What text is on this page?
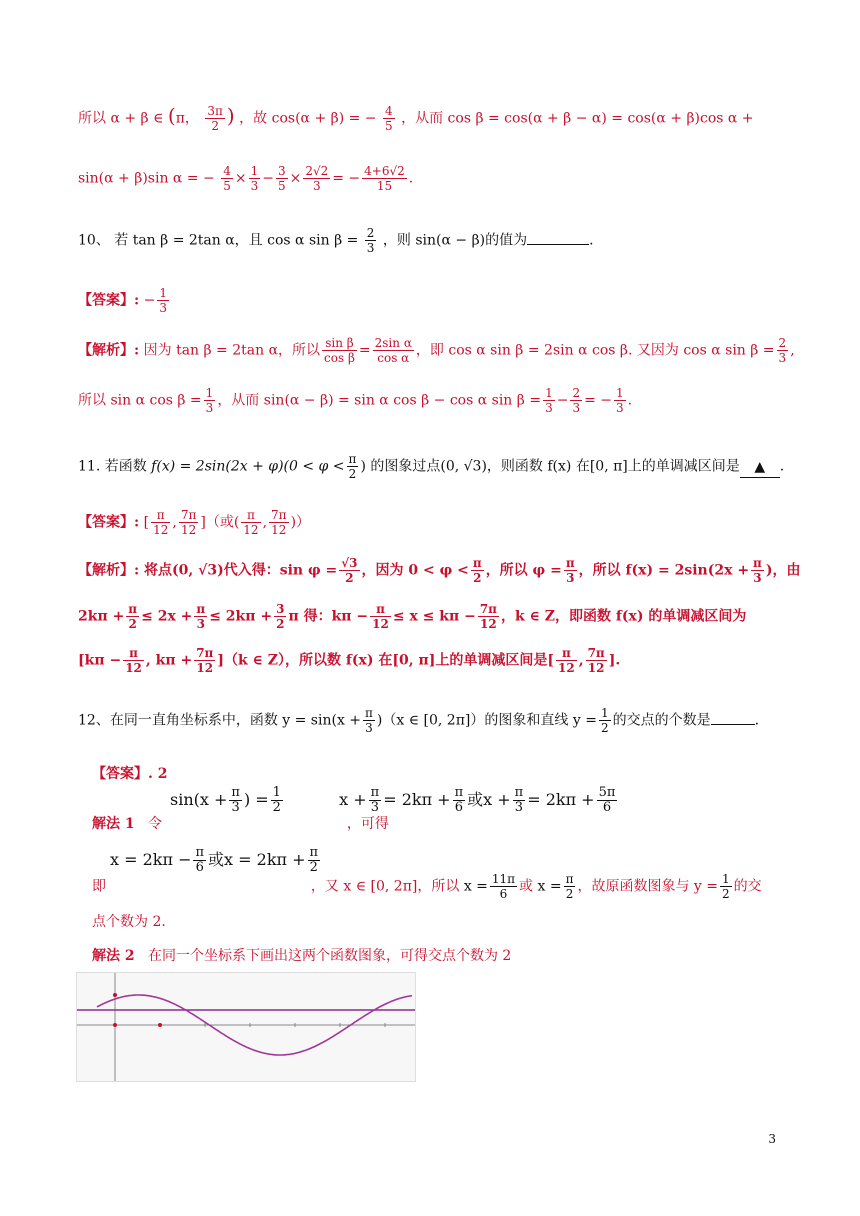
所以 α + β ∈ (π， $\frac{3\pi}{2}$ ) ，故 cos(α + β) = − $\frac{4}{5}$ ，从而 cos β = cos(α + β − α) = cos(α + β)cos α +
sin(α + β)sin α = − $\frac{4}{5} \times \frac{1}{3} - \frac{3}{5} \times \frac{2√2}{3}$ = − $\frac{4+6√2}{15}$ .
10、 若 tan β = 2tan α，且 cos α $\sin \beta = \frac{2}{3}$ ，则 sin(α − β)的值为	.
【答案】: − $\frac{1}{3}$
【解析】: 因为 tan β = 2tan α，所以 $\frac{\text{sin β}}{\text{cos β}} = \frac{\text{2sin α}}{\text{cos α}}$ ，即 cos α sin β = 2sin α cos β. 又因为 cos α $\sin \beta = \frac{2}{3}$ ,
所以 sin α $\cos \beta = \frac{1}{3}$ ，从而 sin(α − β) = sin α cos β − cos α $\sin \beta = \frac{1}{3} - \frac{2}{3}$ = − $\frac{1}{3}$ .
11. 若函数 $f(x) = 2\sin(2x + \varphi)(0 < \varphi < \frac{\pi}{2}$ ) 的图象过点(0, √3)，则函数 f(x) 在[0, π]上的单调减区间是 ▲ .
【答案】: [ $\frac{\pi}{12}$ , $\frac{7\pi}{12}$ ]（或( $\frac{\pi}{12}$ , $\frac{7\pi}{12}$ )）
【解析】: 将点(0, √3)代入得：$\sin \varphi = \frac{√3}{2}$ ，因为 $0 < \varphi < \frac{\pi}{2}$ ，所以 $\varphi = \frac{\pi}{3}$ ，所以 $f(x) = 2\sin(2x + \frac{\pi}{3}$ )，由
$2k\pi + \frac{\pi}{2} \le 2x + \frac{\pi}{3} \le 2k\pi + \frac{3}{2}$ π 得：$k\pi - \frac{\pi}{12} \le x \le k\pi - \frac{7\pi}{12}$ ，k ∈ Z，即函数 f(x) 的单调减区间为
[$k\pi - \frac{\pi}{12}$ , $k\pi + \frac{7\pi}{12} ](k$ ∈ Z），所以数 f(x) 在[0, π]上的单调减区间是[ $\frac{\pi}{12}$ , $\frac{7\pi}{12}$ ].
12、在同一直角坐标系中，函数 $y = \sin(x + \frac{\pi}{3} )(x$ ∈ [0, 2π]）的图象和直线 $y = \frac{1}{2}$ 的交点的个数是	.
【答案】. 2
$\sin(x + \frac{\pi}{3}$ ) = $\frac{1}{2}$	$x + \frac{\pi}{3} = 2k\pi + \frac{\pi}{6}$ 或$x + \frac{\pi}{3} = 2k\pi + \frac{5\pi}{6}$
解法 1 令	，可得
$x = 2k\pi - \frac{\pi}{6}$ 或$x = 2k\pi + \frac{\pi}{2}$
即	，又 x ∈ [0, 2π]，所以 $x = \frac{11\pi}{6}$ 或 $x = \frac{\pi}{2}$ ，故原函数图象与 $y = \frac{1}{2}$ 的交
点个数为 2.
解法 2 在同一个坐标系下画出这两个函数图象，可得交点个数为 2
3
